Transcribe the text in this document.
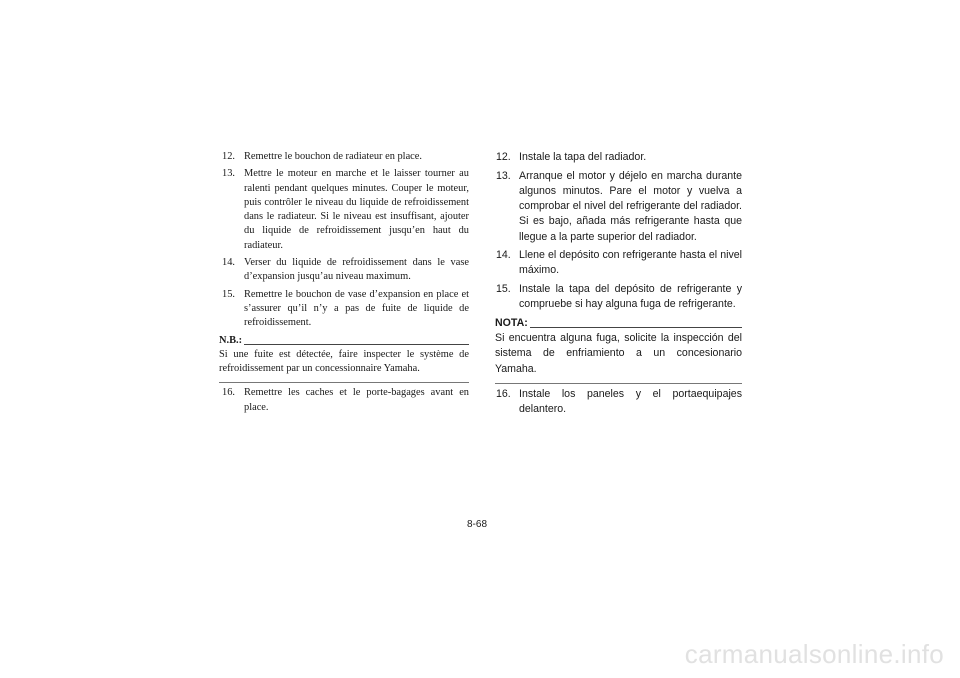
12. Remettre le bouchon de radiateur en place.
13. Mettre le moteur en marche et le laisser tourner au ralenti pendant quelques minutes. Couper le moteur, puis contrôler le niveau du liquide de refroidissement dans le radiateur. Si le niveau est insuffisant, ajouter du liquide de refroidissement jusqu’en haut du radiateur.
14. Verser du liquide de refroidissement dans le vase d’expansion jusqu’au niveau maximum.
15. Remettre le bouchon de vase d’expansion en place et s’assurer qu’il n’y a pas de fuite de liquide de refroidissement.
N.B.:
Si une fuite est détectée, faire inspecter le système de refroidissement par un concessionnaire Yamaha.
16. Remettre les caches et le porte-bagages avant en place.
12. Instale la tapa del radiador.
13. Arranque el motor y déjelo en marcha durante algunos minutos. Pare el motor y vuelva a comprobar el nivel del refrigerante del radiador. Si es bajo, añada más refrigerante hasta que llegue a la parte superior del radiador.
14. Llene el depósito con refrigerante hasta el nivel máximo.
15. Instale la tapa del depósito de refrigerante y compruebe si hay alguna fuga de refrigerante.
NOTA:
Si encuentra alguna fuga, solicite la inspección del sistema de enfriamiento a un concesionario Yamaha.
16. Instale los paneles y el portaequipajes delantero.
8-68
carmanualsonline.info
